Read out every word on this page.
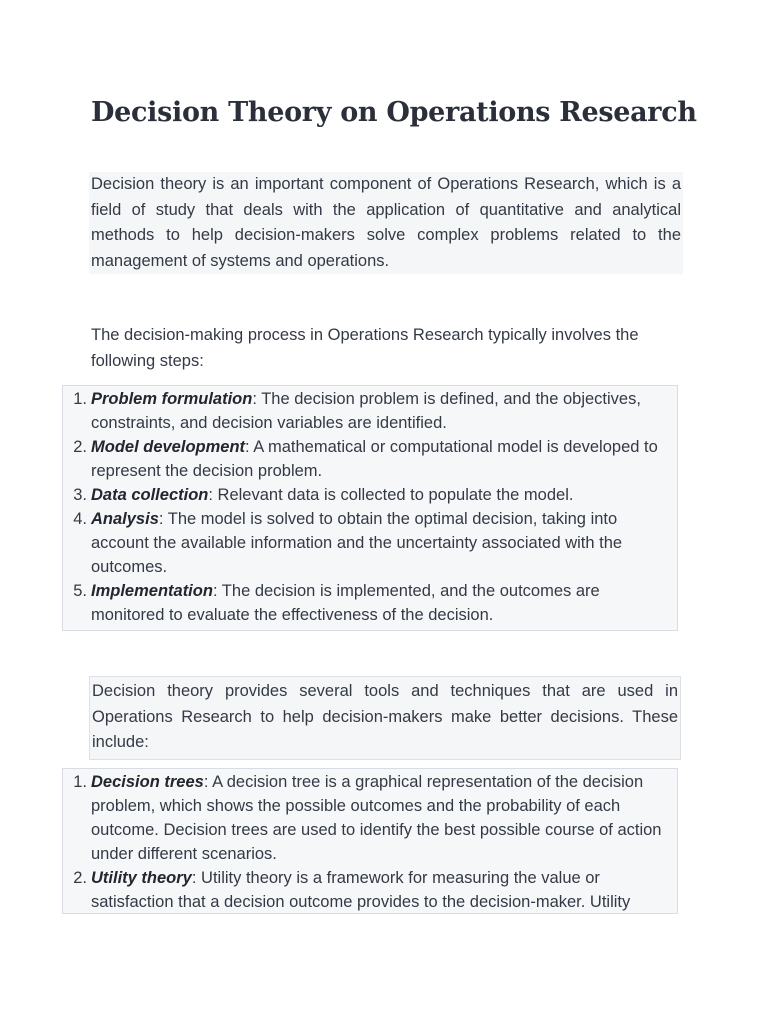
Decision Theory on Operations Research

Decision theory is an important component of Operations Research, which is a field of study that deals with the application of quantitative and analytical methods to help decision-makers solve complex problems related to the management of systems and operations.

The decision-making process in Operations Research typically involves the following steps:

1. Problem formulation: The decision problem is defined, and the objectives, constraints, and decision variables are identified.
2. Model development: A mathematical or computational model is developed to represent the decision problem.
3. Data collection: Relevant data is collected to populate the model.
4. Analysis: The model is solved to obtain the optimal decision, taking into account the available information and the uncertainty associated with the outcomes.
5. Implementation: The decision is implemented, and the outcomes are monitored to evaluate the effectiveness of the decision.

Decision theory provides several tools and techniques that are used in Operations Research to help decision-makers make better decisions. These include:

1. Decision trees: A decision tree is a graphical representation of the decision problem, which shows the possible outcomes and the probability of each outcome. Decision trees are used to identify the best possible course of action under different scenarios.
2. Utility theory: Utility theory is a framework for measuring the value or satisfaction that a decision outcome provides to the decision-maker. Utility
